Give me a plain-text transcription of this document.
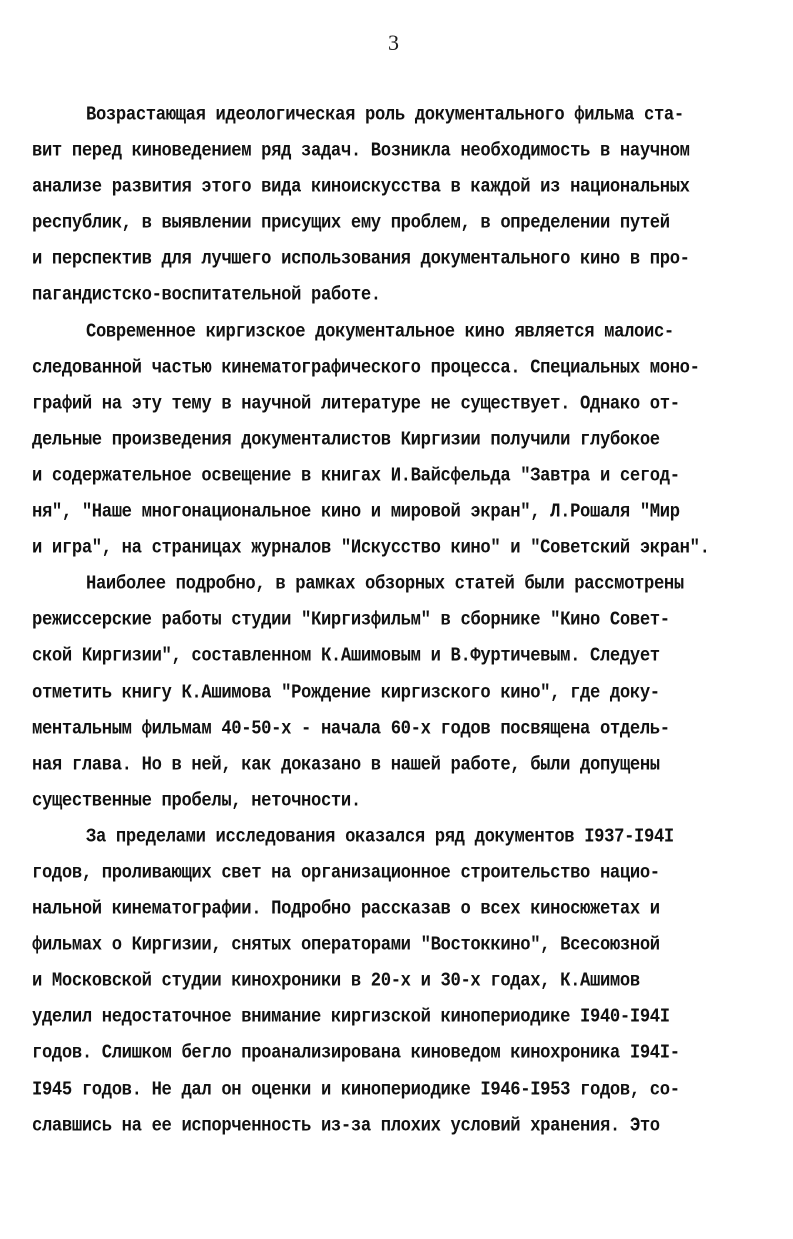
3
Возрастающая идеологическая роль документального фильма ста-
вит перед киноведением ряд задач. Возникла необходимость в научном
анализе развития этого вида киноискусства в каждой из национальных
республик, в выявлении присущих ему проблем, в определении путей
и перспектив для лучшего использования документального кино в про-
пагандистско-воспитательной работе.
Современное киргизское документальное кино является малоис-
следованной частью кинематографического процесса. Специальных моно-
графий на эту тему в научной литературе не существует. Однако от-
дельные произведения документалистов Киргизии получили глубокое
и содержательное освещение в книгах И.Вайсфельда "Завтра и сегод-
ня", "Наше многонациональное кино и мировой экран", Л.Рошаля "Мир
и игра", на страницах журналов "Искусство кино" и "Советский экран".
Наиболее подробно, в рамках обзорных статей были рассмотрены
режиссерские работы студии "Киргизфильм" в сборнике "Кино Совет-
ской Киргизии", составленном К.Ашимовым и В.Фуртичевым. Следует
отметить книгу К.Ашимова "Рождение киргизского кино", где доку-
ментальным фильмам 40-50-х - начала 60-х годов посвящена отдель-
ная глава. Но в ней, как доказано в нашей работе, были допущены
существенные пробелы, неточности.
За пределами исследования оказался ряд документов I937-I94I
годов, проливающих свет на организационное строительство нацио-
нальной кинематографии. Подробно рассказав о всех киносюжетах и
фильмах о Киргизии, снятых операторами "Востоккино", Всесоюзной
и Московской студии кинохроники в 20-х и 30-х годах, К.Ашимов
уделил недостаточное внимание киргизской кинопериодике I940-I94I
годов. Слишком бегло проанализирована киноведом кинохроника I94I-
I945 годов. Не дал он оценки и кинопериодике I946-I953 годов, со-
славшись на ее испорченность из-за плохих условий хранения. Это
